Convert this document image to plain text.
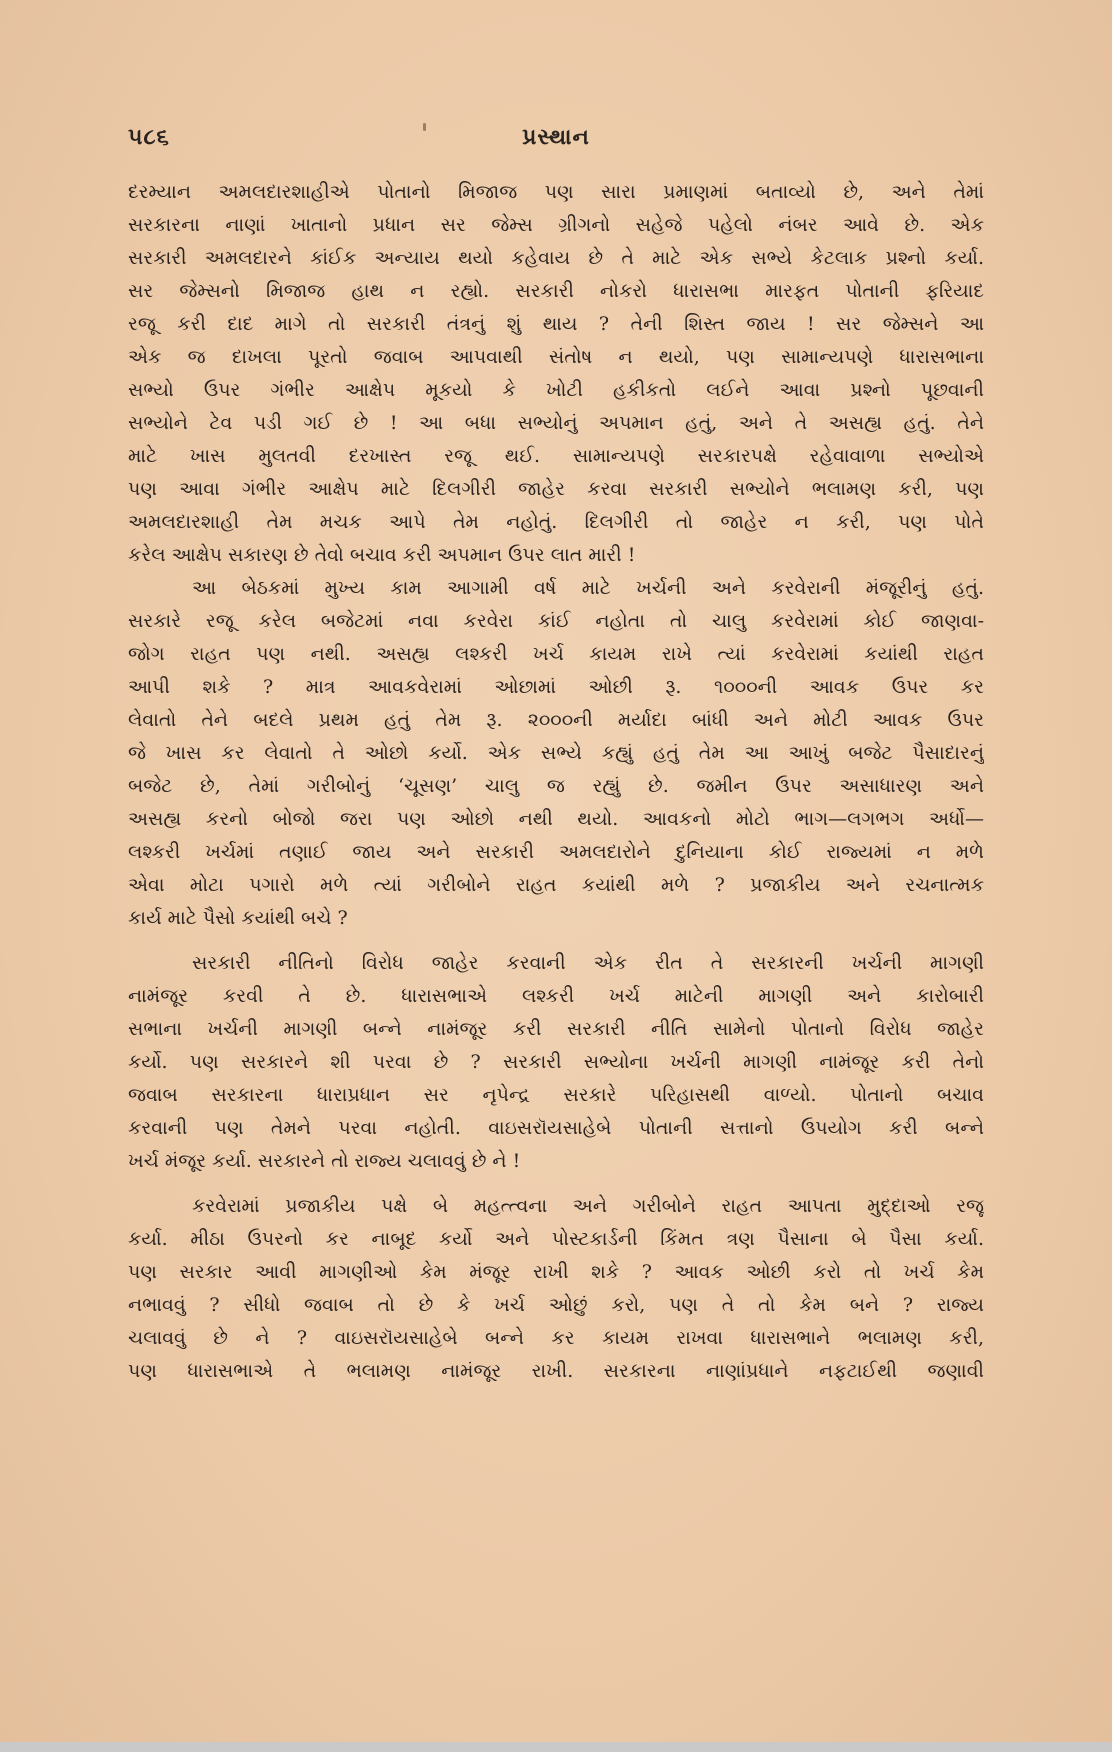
૫૮૬	પ્રસ્થાન

દરમ્યાન અમલદારશાહીએ પોતાનો મિજાજ પણ સારા પ્રમાણમાં બતાવ્યો છે, અને તેમાં
સરકારના નાણાં ખાતાનો પ્રધાન સર જેમ્સ ગ્રીગનો સહેજે પહેલો નંબર આવે છે. એક
સરકારી અમલદારને કાંઈક અન્યાય થયો કહેવાય છે તે માટે એક સભ્યે કેટલાક પ્રશ્નો કર્યા.
સર જેમ્સનો મિજાજ હાથ ન રહ્યો. સરકારી નોકરો ધારાસભા મારફત પોતાની ફરિયાદ
રજૂ કરી દાદ માગે તો સરકારી તંત્રનું શું થાય ? તેની શિસ્ત જાય ! સર જેમ્સને આ
એક જ દાખલા પૂરતો જવાબ આપવાથી સંતોષ ન થયો, પણ સામાન્યપણે ધારાસભાના
સભ્યો ઉપર ગંભીર આક્ષેપ મૂકયો કે ખોટી હકીકતો લઈને આવા પ્રશ્નો પૂછવાની
સભ્યોને ટેવ પડી ગઈ છે ! આ બધા સભ્યોનું અપમાન હતું, અને તે અસહ્ય હતું. તેને
માટે ખાસ મુલતવી દરખાસ્ત રજૂ થઈ. સામાન્યપણે સરકારપક્ષે રહેવાવાળા સભ્યોએ
પણ આવા ગંભીર આક્ષેપ માટે દિલગીરી જાહેર કરવા સરકારી સભ્યોને ભલામણ કરી, પણ
અમલદારશાહી તેમ મચક આપે તેમ નહોતું. દિલગીરી તો જાહેર ન કરી, પણ પોતે
કરેલ આક્ષેપ સકારણ છે તેવો બચાવ કરી અપમાન ઉપર લાત મારી !

આ બેઠકમાં મુખ્ય કામ આગામી વર્ષ માટે ખર્ચની અને કરવેરાની મંજૂરીનું હતું.
સરકારે રજૂ કરેલ બજેટમાં નવા કરવેરા કાંઈ નહોતા તો ચાલુ કરવેરામાં કોઈ જાણવા-
જોગ રાહત પણ નથી. અસહ્ય લશ્કરી ખર્ચ કાયમ રાખે ત્યાં કરવેરામાં કયાંથી રાહત
આપી શકે ? માત્ર આવકવેરામાં ઓછામાં ઓછી રૂ. ૧૦૦૦ની આવક ઉપર કર
લેવાતો તેને બદલે પ્રથમ હતું તેમ રૂ. ૨૦૦૦ની મર્યાદા બાંધી અને મોટી આવક ઉપર
જે ખાસ કર લેવાતો તે ઓછો કર્યો. એક સભ્યે કહ્યું હતું તેમ આ આખું બજેટ પૈસાદારનું
બજેટ છે, તેમાં ગરીબોનું ‘ચૂસણ’ ચાલુ જ રહ્યું છે. જમીન ઉપર અસાધારણ અને
અસહ્ય કરનો બોજો જરા પણ ઓછો નથી થયો. આવકનો મોટો ભાગ—લગભગ અર્ધો—
લશ્કરી ખર્ચમાં તણાઈ જાય અને સરકારી અમલદારોને દુનિયાના કોઈ રાજ્યમાં ન મળે
એવા મોટા પગારો મળે ત્યાં ગરીબોને રાહત કયાંથી મળે ? પ્રજાકીય અને રચનાત્મક
કાર્ય માટે પૈસો કયાંથી બચે ?

સરકારી નીતિનો વિરોધ જાહેર કરવાની એક રીત તે સરકારની ખર્ચની માગણી
નામંજૂર કરવી તે છે. ધારાસભાએ લશ્કરી ખર્ચ માટેની માગણી અને કારોબારી
સભાના ખર્ચની માગણી બન્ને નામંજૂર કરી સરકારી નીતિ સામેનો પોતાનો વિરોધ જાહેર
કર્યો. પણ સરકારને શી પરવા છે ? સરકારી સભ્યોના ખર્ચની માગણી નામંજૂર કરી તેનો
જવાબ સરકારના ધારાપ્રધાન સર નૃપેન્દ્ર સરકારે પરિહાસથી વાળ્યો. પોતાનો બચાવ
કરવાની પણ તેમને પરવા નહોતી. વાઇસરૉયસાહેબે પોતાની સત્તાનો ઉપયોગ કરી બન્ને
ખર્ચ મંજૂર કર્યા. સરકારને તો રાજ્ય ચલાવવું છે ને !

કરવેરામાં પ્રજાકીય પક્ષે બે મહત્ત્વના અને ગરીબોને રાહત આપતા મુદ્દાઓ રજૂ
કર્યા. મીઠા ઉપરનો કર નાબૂદ કર્યો અને પોસ્ટકાર્ડની કિંમત ત્રણ પૈસાના બે પૈસા કર્યા.
પણ સરકાર આવી માગણીઓ કેમ મંજૂર રાખી શકે ? આવક ઓછી કરો તો ખર્ચ કેમ
નભાવવું ? સીધો જવાબ તો છે કે ખર્ચ ઓછું કરો, પણ તે તો કેમ બને ? રાજ્ય
ચલાવવું છે ને ? વાઇસરૉયસાહેબે બન્ને કર કાયમ રાખવા ધારાસભાને ભલામણ કરી,
પણ ધારાસભાએ તે ભલામણ નામંજૂર રાખી. સરકારના નાણાંપ્રધાને નફટાઈથી જણાવી
